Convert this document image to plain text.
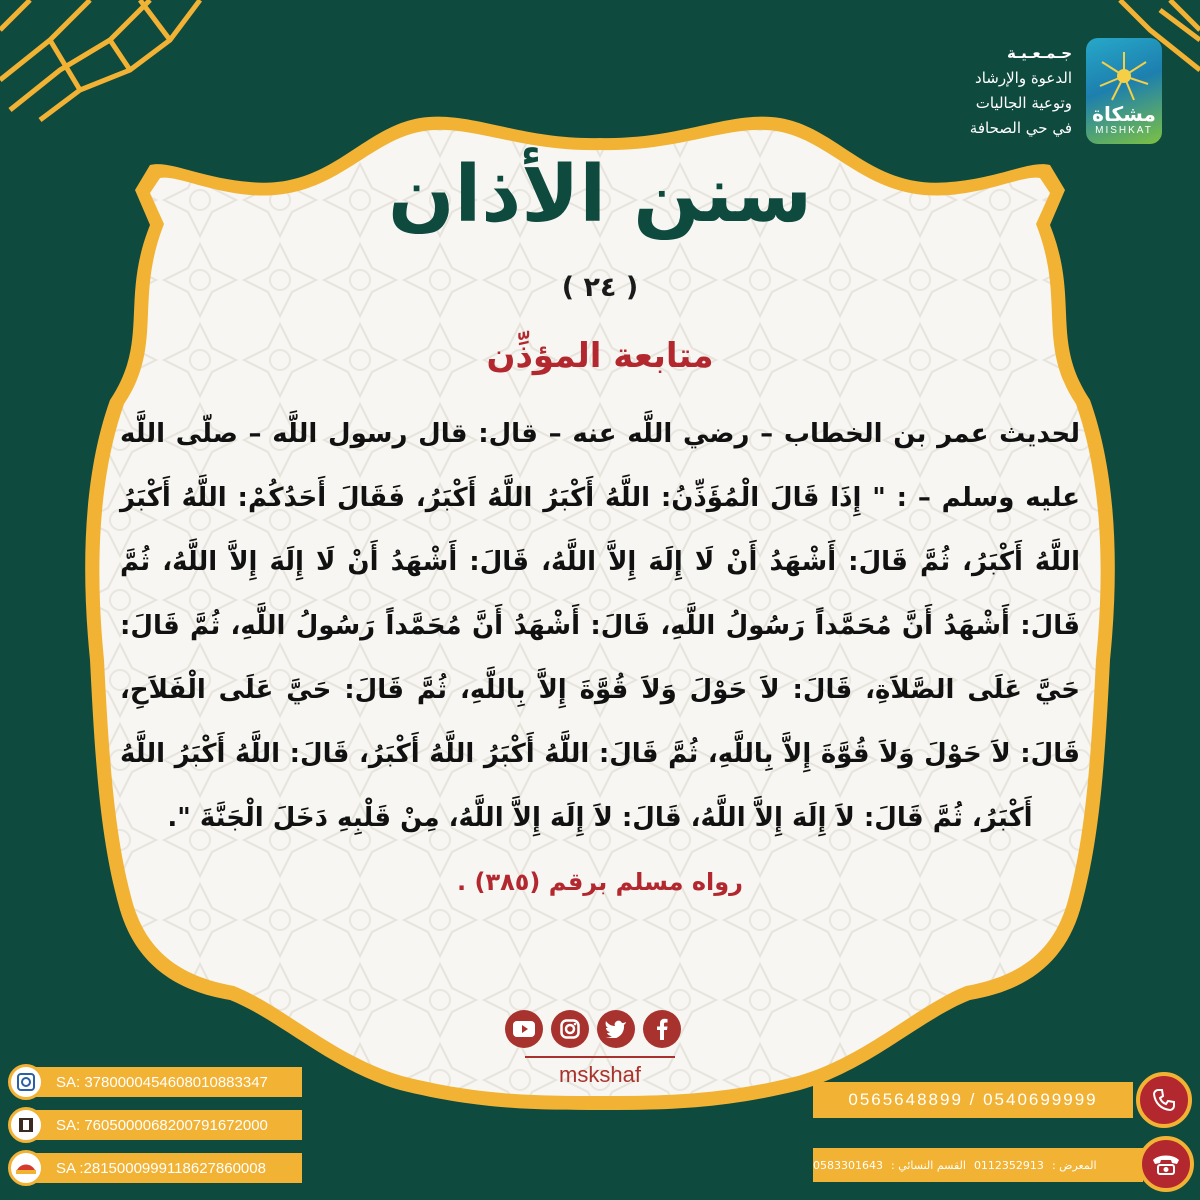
مشكاة
MISHKAT
جـمـعـيـة
الدعوة والإرشاد
وتوعية الجاليات
في حي الصحافة
سنن الأذان
( ٢٤ )
متابعة المؤذِّن
لحديث عمر بن الخطاب – رضي اللَّه عنه – قال: قال رسول اللَّه – صلّى اللَّه عليه وسلم – : " إِذَا قَالَ الْمُؤَذِّنُ: اللَّهُ أَكْبَرُ اللَّهُ أَكْبَرُ، فَقَالَ أَحَدُكُمْ: اللَّهُ أَكْبَرُ اللَّهُ أَكْبَرُ، ثُمَّ قَالَ: أَشْهَدُ أَنْ لَا إِلَهَ إِلاَّ اللَّهُ، قَالَ: أَشْهَدُ أَنْ لَا إِلَهَ إِلاَّ اللَّهُ، ثُمَّ قَالَ: أَشْهَدُ أَنَّ مُحَمَّداً رَسُولُ اللَّهِ، قَالَ: أَشْهَدُ أَنَّ مُحَمَّداً رَسُولُ اللَّهِ، ثُمَّ قَالَ: حَيَّ عَلَى الصَّلاَةِ، قَالَ: لاَ حَوْلَ وَلاَ قُوَّةَ إِلاَّ بِاللَّهِ، ثُمَّ قَالَ: حَيَّ عَلَى الْفَلاَحِ، قَالَ: لاَ حَوْلَ وَلاَ قُوَّةَ إِلاَّ بِاللَّهِ، ثُمَّ قَالَ: اللَّهُ أَكْبَرُ اللَّهُ أَكْبَرُ، قَالَ: اللَّهُ أَكْبَرُ اللَّهُ أَكْبَرُ، ثُمَّ قَالَ: لاَ إِلَهَ إِلاَّ اللَّهُ، قَالَ: لاَ إِلَهَ إِلاَّ اللَّهُ، مِنْ قَلْبِهِ دَخَلَ الْجَنَّةَ ".
رواه مسلم برقم (٣٨٥) .
mskshaf
SA: 3780000454608010883347
SA: 7605000068200791672000
SA :2815000999118627860008
0565648899 / 0540699999
المعرض :
0112352913
القسم النسائي :
0583301643
